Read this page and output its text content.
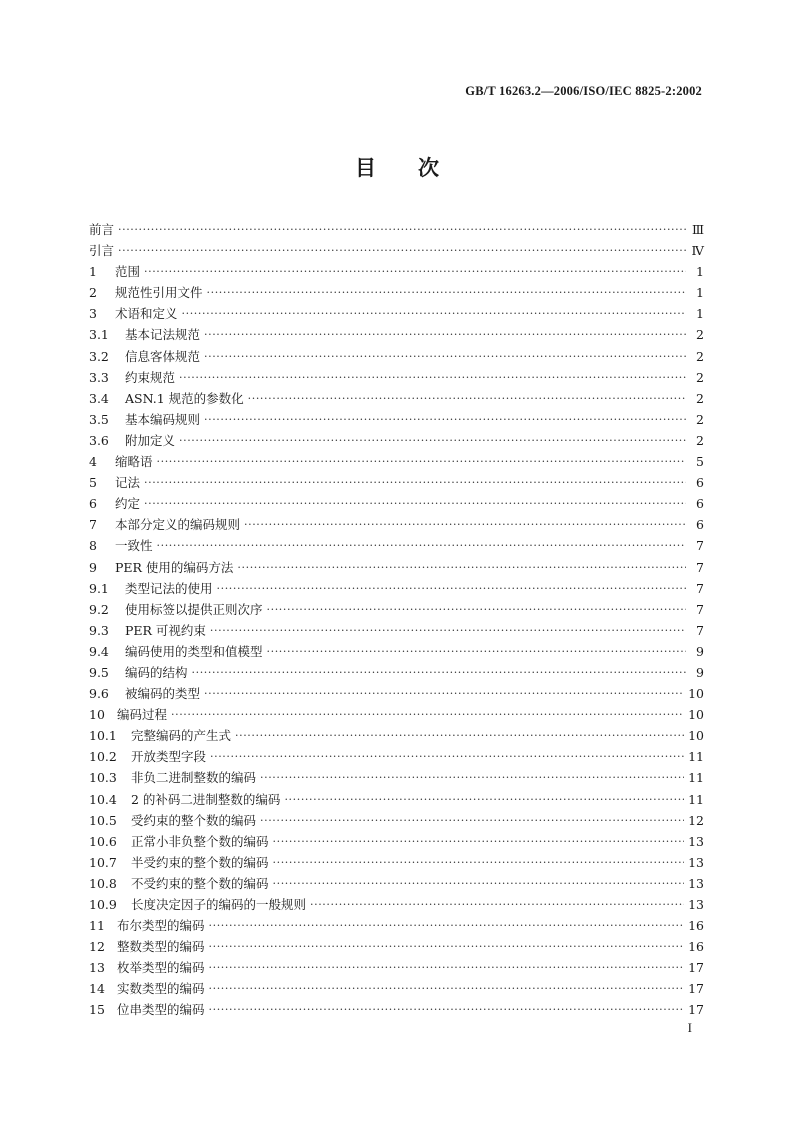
GB/T 16263.2—2006/ISO/IEC 8825-2:2002
目次
前言 ·····	Ⅲ
引言 ·····	Ⅳ
1	范围 ·····	1
2	规范性引用文件 ·····	1
3	术语和定义 ·····	1
3.1	基本记法规范 ·····	2
3.2	信息客体规范 ·····	2
3.3	约束规范 ·····	2
3.4	ASN.1 规范的参数化 ·····	2
3.5	基本编码规则 ·····	2
3.6	附加定义 ·····	2
4	缩略语 ·····	5
5	记法 ·····	6
6	约定 ·····	6
7	本部分定义的编码规则 ·····	6
8	一致性 ·····	7
9	PER 使用的编码方法 ·····	7
9.1	类型记法的使用 ·····	7
9.2	使用标签以提供正则次序 ·····	7
9.3	PER 可视约束 ·····	7
9.4	编码使用的类型和值模型 ·····	9
9.5	编码的结构 ·····	9
9.6	被编码的类型 ·····	10
10 编码过程 ·····	10
10.1	完整编码的产生式 ·····	10
10.2	开放类型字段 ·····	11
10.3	非负二进制整数的编码 ·····	11
10.4	2 的补码二进制整数的编码 ·····	11
10.5	受约束的整个数的编码 ·····	12
10.6	正常小非负整个数的编码 ·····	13
10.7	半受约束的整个数的编码 ·····	13
10.8	不受约束的整个数的编码 ·····	13
10.9	长度决定因子的编码的一般规则 ·····	13
11 布尔类型的编码 ·····	16
12 整数类型的编码 ·····	16
13 枚举类型的编码 ·····	17
14 实数类型的编码 ·····	17
15 位串类型的编码 ·····	17
I
